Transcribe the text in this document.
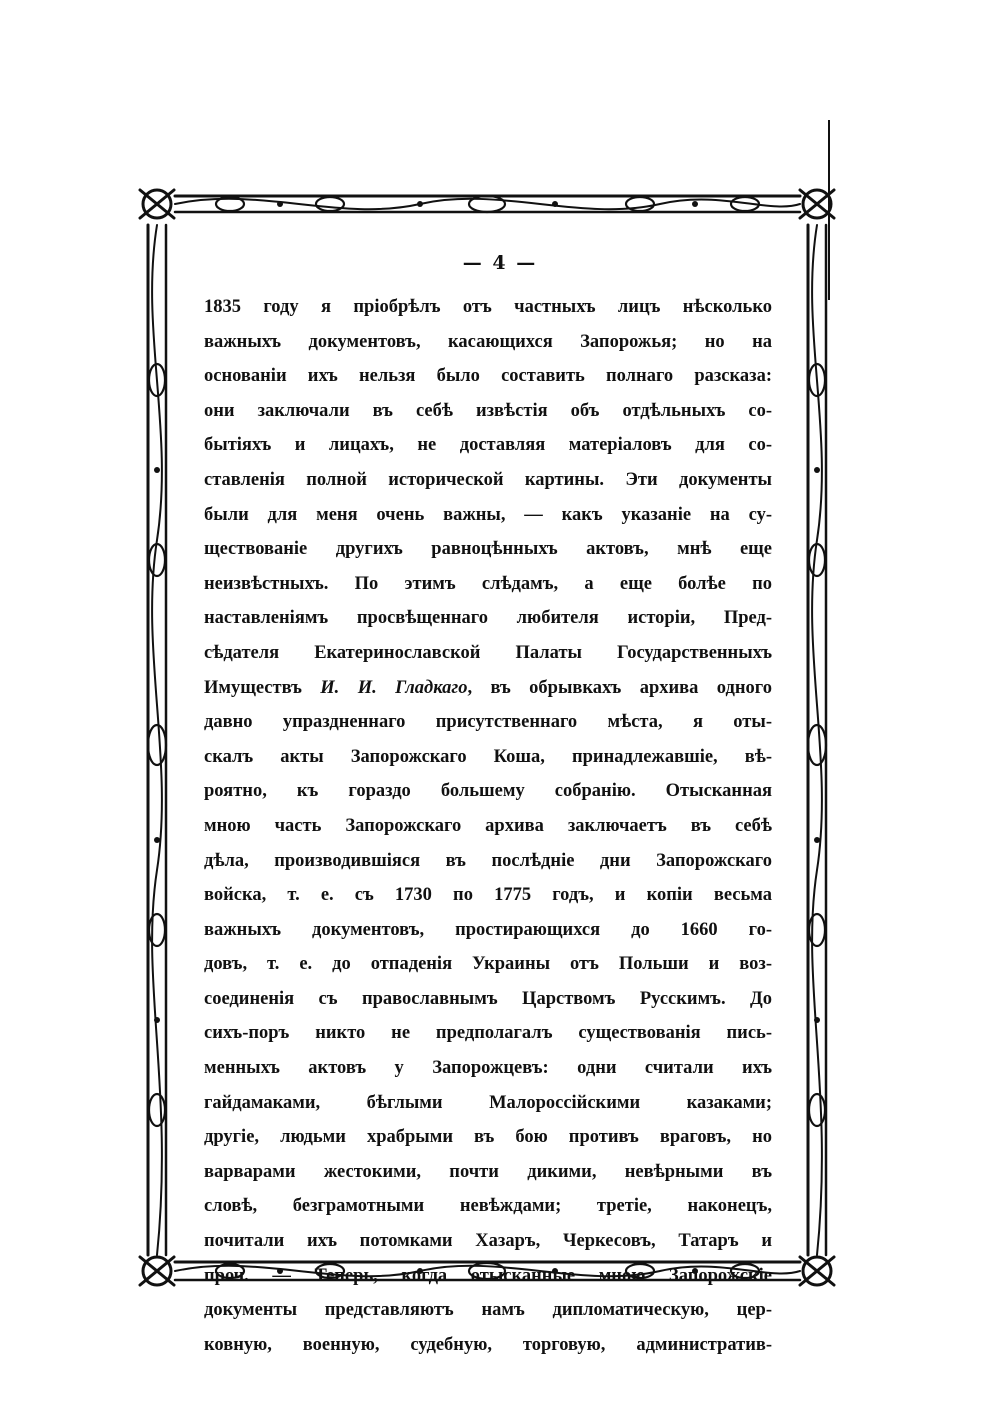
— 4 —
1835 году я пріобрѣлъ отъ частныхъ лицъ нѣсколько
важныхъ документовъ, касающихся Запорожья; но на
основаніи ихъ нельзя было составить полнаго разсказа:
они заключали въ себѣ извѣстія объ отдѣльныхъ со-
бытіяхъ и лицахъ, не доставляя матеріаловъ для со-
ставленія полной исторической картины. Эти документы
были для меня очень важны, — какъ указаніе на су-
ществованіе другихъ равноцѣнныхъ актовъ, мнѣ еще
неизвѣстныхъ. По этимъ слѣдамъ, а еще болѣе по
наставленіямъ просвѣщеннаго любителя исторіи, Пред-
сѣдателя Екатеринославской Палаты Государственныхъ
Имуществъ И. И. Гладкаго, въ обрывкахъ архива одного
давно упраздненнаго присутственнаго мѣста, я оты-
скалъ акты Запорожскаго Коша, принадлежавшіе, вѣ-
роятно, къ гораздо большему собранію. Отысканная
мною часть Запорожскаго архива заключаетъ въ себѣ
дѣла, производившіяся въ послѣдніе дни Запорожскаго
войска, т. е. съ 1730 по 1775 годъ, и копіи весьма
важныхъ документовъ, простирающихся до 1660 го-
довъ, т. е. до отпаденія Украины отъ Польши и воз-
соединенія съ православнымъ Царствомъ Русскимъ. До
сихъ-поръ никто не предполагалъ существованія пись-
менныхъ актовъ у Запорожцевъ: одни считали ихъ
гайдамаками, бѣглыми Малороссійскими казаками;
другіе, людьми храбрыми въ бою противъ враговъ, но
варварами жестокими, почти дикими, невѣрными въ
словѣ, безграмотными невѣждами; третіе, наконецъ,
почитали ихъ потомками Хазаръ, Черкесовъ, Татаръ и
проч. — Теперь, когда отысканные мною Запорожскіе
документы представляютъ намъ дипломатическую, цер-
ковную, военную, судебную, торговую, административ-
